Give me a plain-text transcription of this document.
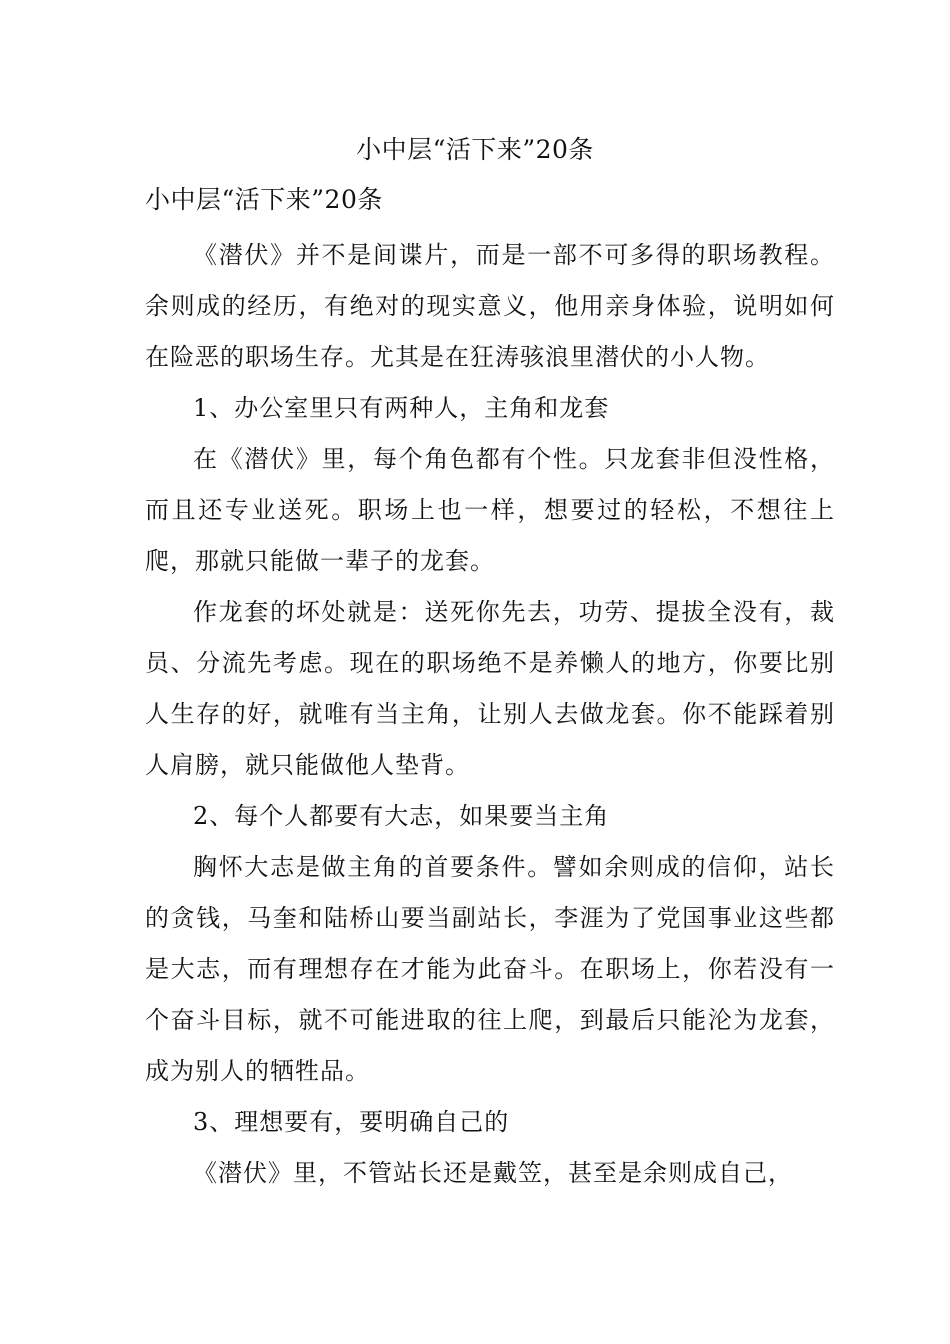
小中层“活下来”20条
小中层“活下来”20条

《潜伏》并不是间谍片，而是一部不可多得的职场教程。余则成的经历，有绝对的现实意义，他用亲身体验，说明如何在险恶的职场生存。尤其是在狂涛骇浪里潜伏的小人物。

1、办公室里只有两种人，主角和龙套

在《潜伏》里，每个角色都有个性。只龙套非但没性格，而且还专业送死。职场上也一样，想要过的轻松，不想往上爬，那就只能做一辈子的龙套。

作龙套的坏处就是：送死你先去，功劳、提拔全没有，裁员、分流先考虑。现在的职场绝不是养懒人的地方，你要比别人生存的好，就唯有当主角，让别人去做龙套。你不能踩着别人肩膀，就只能做他人垫背。

2、每个人都要有大志，如果要当主角

胸怀大志是做主角的首要条件。譬如余则成的信仰，站长的贪钱，马奎和陆桥山要当副站长，李涯为了党国事业这些都是大志，而有理想存在才能为此奋斗。在职场上，你若没有一个奋斗目标，就不可能进取的往上爬，到最后只能沦为龙套，成为别人的牺牲品。

3、理想要有，要明确自己的

《潜伏》里，不管站长还是戴笠，甚至是余则成自己，
